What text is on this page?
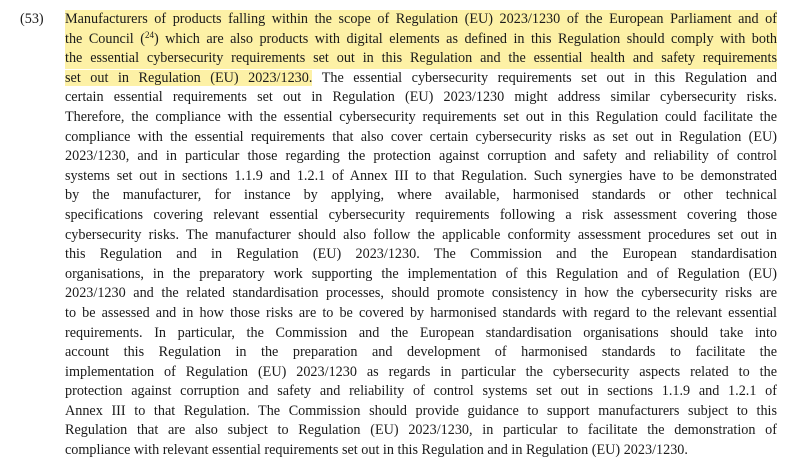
(53) Manufacturers of products falling within the scope of Regulation (EU) 2023/1230 of the European Parliament and of
the Council ($^{24}$) which are also products with digital elements as defined in this Regulation should comply with both
the essential cybersecurity requirements set out in this Regulation and the essential health and safety requirements
set out in Regulation (EU) 2023/1230. The essential cybersecurity requirements set out in this Regulation and
certain essential requirements set out in Regulation (EU) 2023/1230 might address similar cybersecurity risks.
Therefore, the compliance with the essential cybersecurity requirements set out in this Regulation could facilitate the
compliance with the essential requirements that also cover certain cybersecurity risks as set out in Regulation (EU)
2023/1230, and in particular those regarding the protection against corruption and safety and reliability of control
systems set out in sections 1.1.9 and 1.2.1 of Annex III to that Regulation. Such synergies have to be demonstrated
by the manufacturer, for instance by applying, where available, harmonised standards or other technical
specifications covering relevant essential cybersecurity requirements following a risk assessment covering those
cybersecurity risks. The manufacturer should also follow the applicable conformity assessment procedures set out in
this Regulation and in Regulation (EU) 2023/1230. The Commission and the European standardisation
organisations, in the preparatory work supporting the implementation of this Regulation and of Regulation (EU)
2023/1230 and the related standardisation processes, should promote consistency in how the cybersecurity risks are
to be assessed and in how those risks are to be covered by harmonised standards with regard to the relevant essential
requirements. In particular, the Commission and the European standardisation organisations should take into
account this Regulation in the preparation and development of harmonised standards to facilitate the
implementation of Regulation (EU) 2023/1230 as regards in particular the cybersecurity aspects related to the
protection against corruption and safety and reliability of control systems set out in sections 1.1.9 and 1.2.1 of
Annex III to that Regulation. The Commission should provide guidance to support manufacturers subject to this
Regulation that are also subject to Regulation (EU) 2023/1230, in particular to facilitate the demonstration of
compliance with relevant essential requirements set out in this Regulation and in Regulation (EU) 2023/1230.
